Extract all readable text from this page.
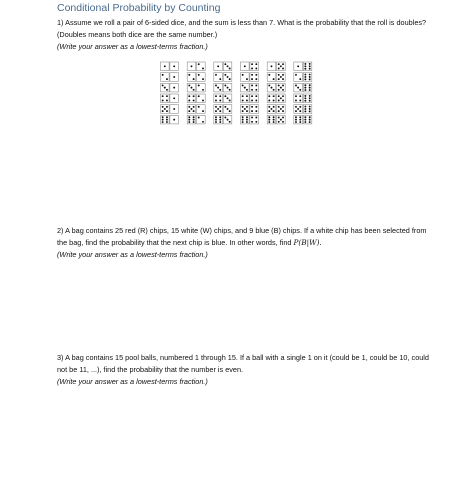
Conditional Probability by Counting
1) Assume we roll a pair of 6-sided dice, and the sum is less than 7. What is the probability that the roll is doubles? (Doubles means both dice are the same number.)
(Write your answer as a lowest-terms fraction.)
2) A bag contains 25 red (R) chips, 15 white (W) chips, and 9 blue (B) chips. If a white chip has been selected from the bag, find the probability that the next chip is blue. In other words, find P(B|W).
(Write your answer as a lowest-terms fraction.)
3) A bag contains 15 pool balls, numbered 1 through 15. If a ball with a single 1 on it (could be 1, could be 10, could not be 11, ...), find the probability that the number is even.
(Write your answer as a lowest-terms fraction.)
